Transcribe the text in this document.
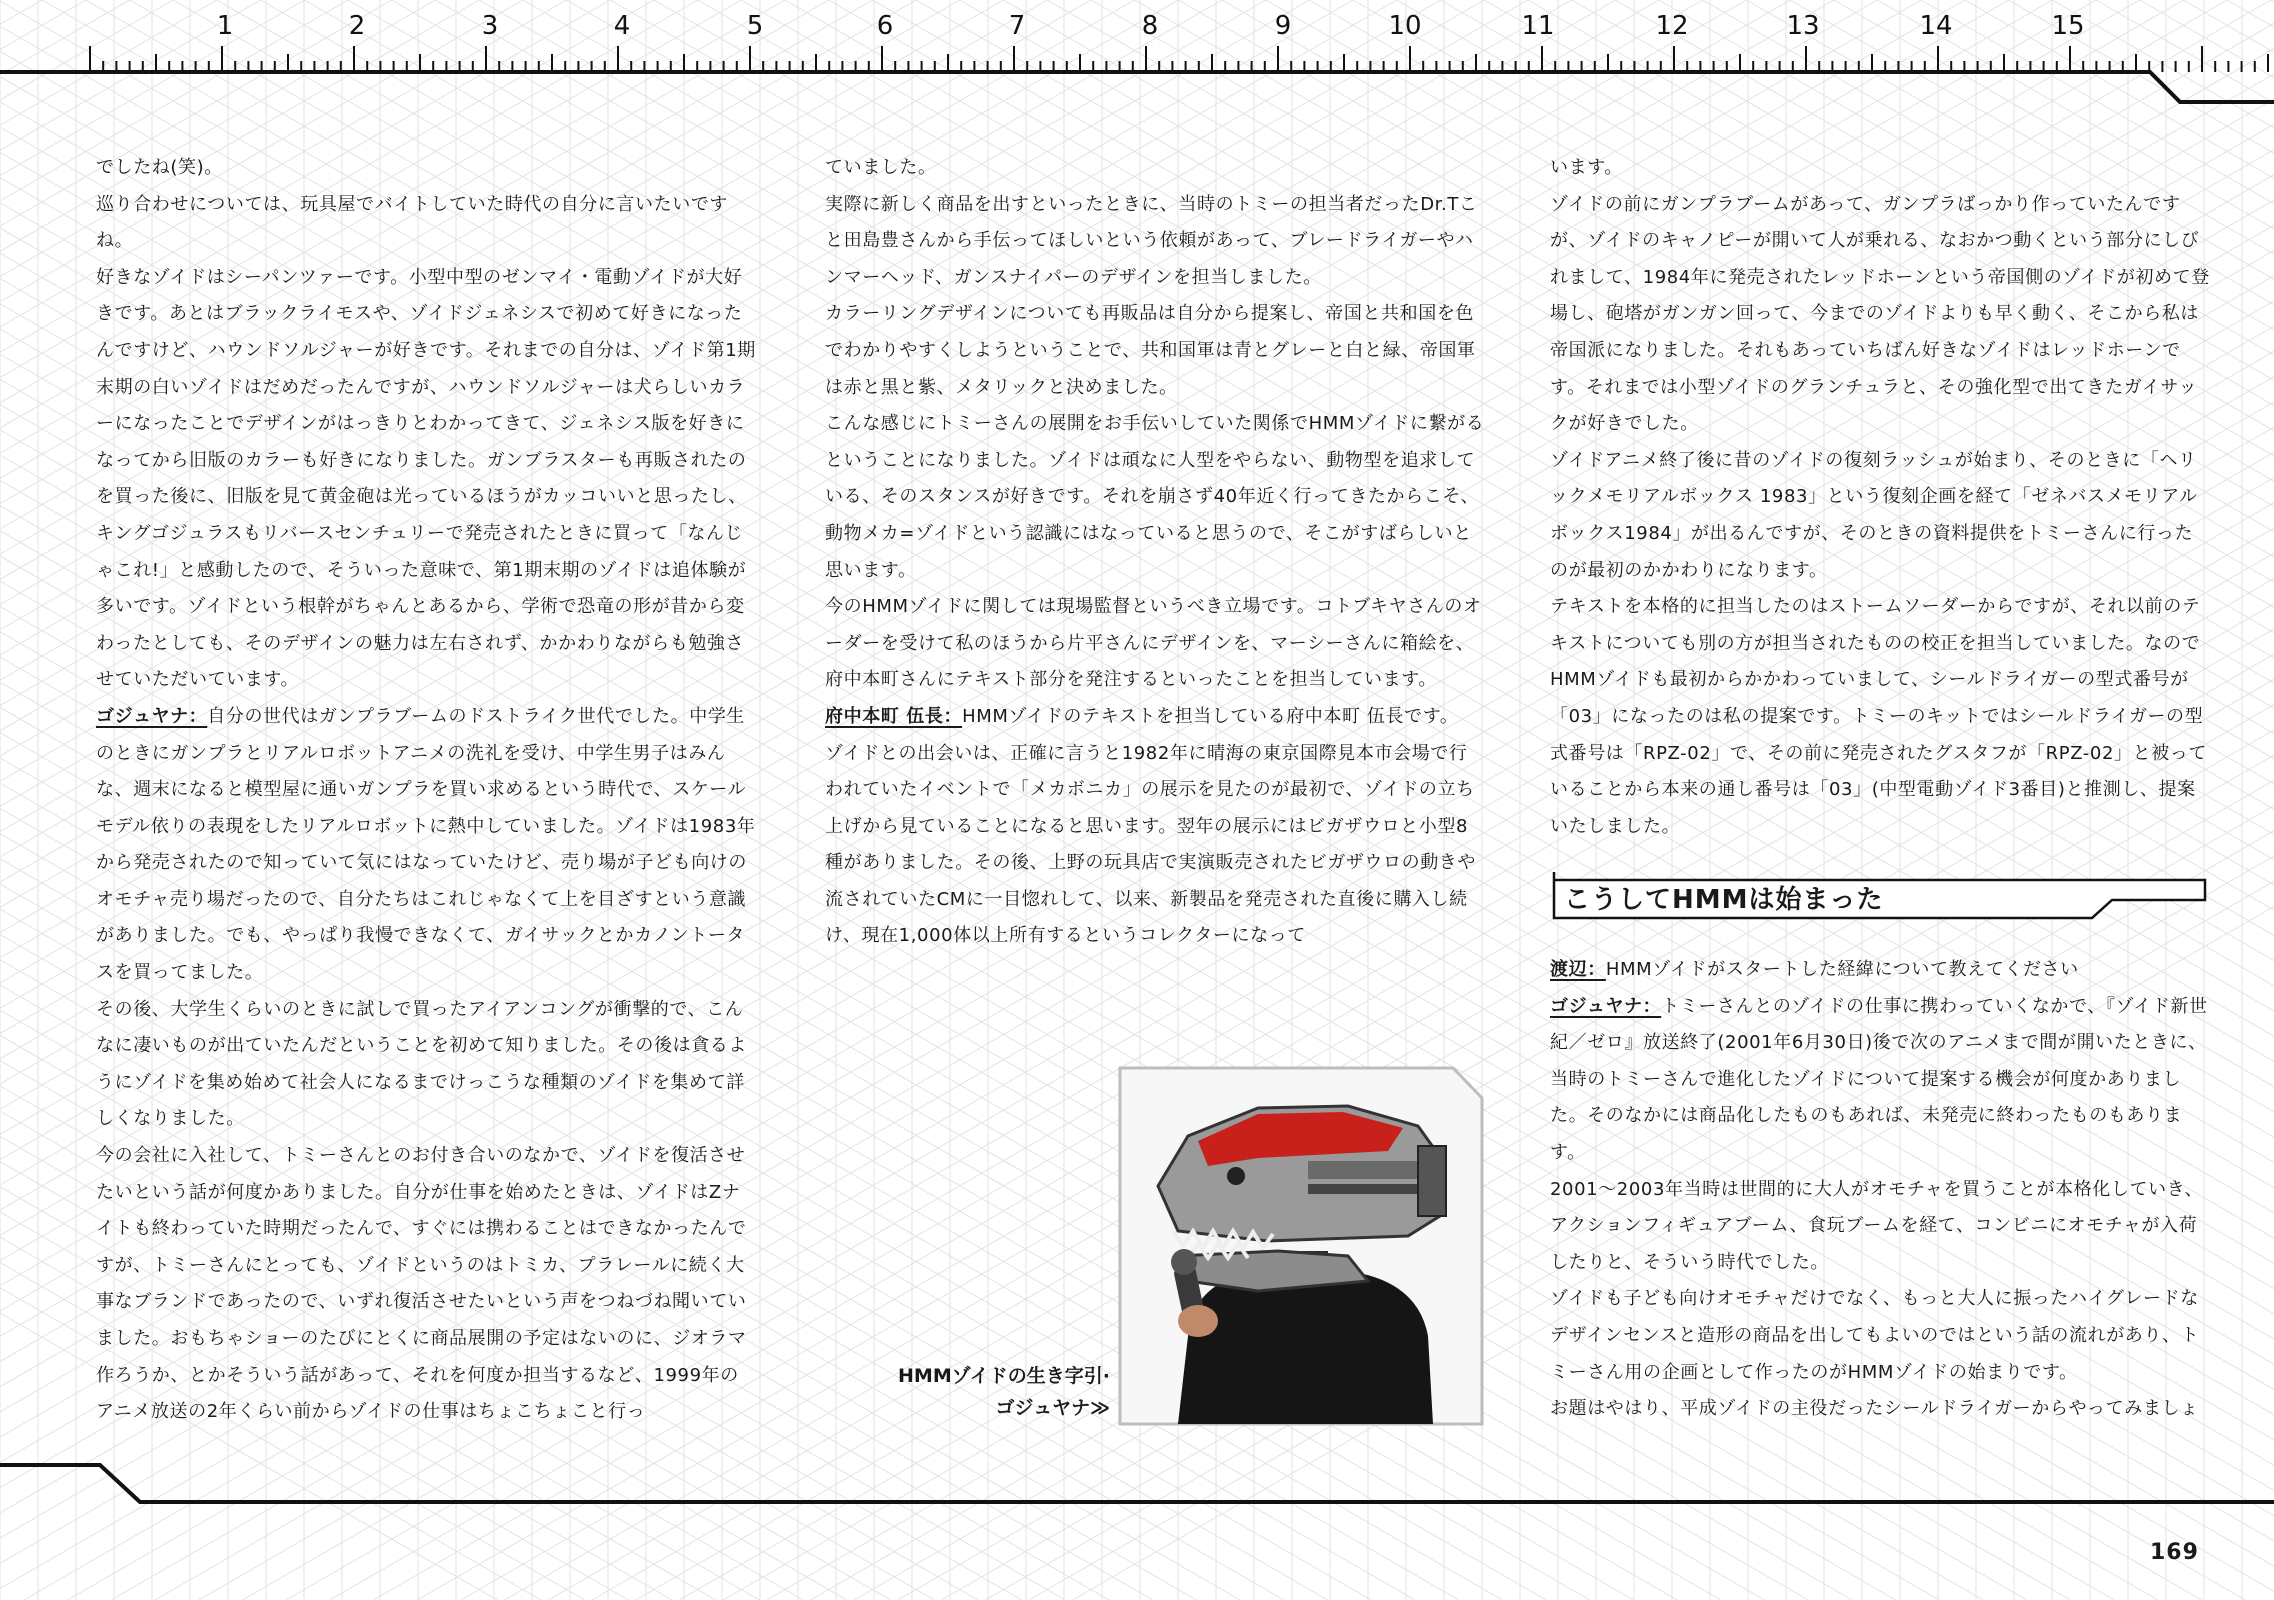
1	2	3	4	5	6	7	8	9	10	11	12	13	14	15

でしたね(笑)。

巡り合わせについては、玩具屋でバイトしていた時代の自分に言いたいですね。

好きなゾイドはシーパンツァーです。小型中型のゼンマイ・電動ゾイドが大好きです。あとはブラックライモスや、ゾイドジェネシスで初めて好きになったんですけど、ハウンドソルジャーが好きです。それまでの自分は、ゾイド第1期末期の白いゾイドはだめだったんですが、ハウンドソルジャーは犬らしいカラーになったことでデザインがはっきりとわかってきて、ジェネシス版を好きになってから旧版のカラーも好きになりました。ガンブラスターも再販されたのを買った後に、旧版を見て黄金砲は光っているほうがカッコいいと思ったし、キングゴジュラスもリバースセンチュリーで発売されたときに買って「なんじゃこれ!」と感動したので、そういった意味で、第1期末期のゾイドは追体験が多いです。ゾイドという根幹がちゃんとあるから、学術で恐竜の形が昔から変わったとしても、そのデザインの魅力は左右されず、かかわりながらも勉強させていただいています。

ゴジュヤナ：自分の世代はガンプラブームのドストライク世代でした。中学生のときにガンプラとリアルロボットアニメの洗礼を受け、中学生男子はみんな、週末になると模型屋に通いガンプラを買い求めるという時代で、スケールモデル依りの表現をしたリアルロボットに熱中していました。ゾイドは1983年から発売されたので知っていて気にはなっていたけど、売り場が子ども向けのオモチャ売り場だったので、自分たちはこれじゃなくて上を目ざすという意識がありました。でも、やっぱり我慢できなくて、ガイサックとかカノントータスを買ってました。

その後、大学生くらいのときに試しで買ったアイアンコングが衝撃的で、こんなに凄いものが出ていたんだということを初めて知りました。その後は貪るようにゾイドを集め始めて社会人になるまでけっこうな種類のゾイドを集めて詳しくなりました。

今の会社に入社して、トミーさんとのお付き合いのなかで、ゾイドを復活させたいという話が何度かありました。自分が仕事を始めたときは、ゾイドはZナイトも終わっていた時期だったんで、すぐには携わることはできなかったんですが、トミーさんにとっても、ゾイドというのはトミカ、プラレールに続く大事なブランドであったので、いずれ復活させたいという声をつねづね聞いていました。おもちゃショーのたびにとくに商品展開の予定はないのに、ジオラマ作ろうか、とかそういう話があって、それを何度か担当するなど、1999年のアニメ放送の2年くらい前からゾイドの仕事はちょこちょこと行っ

ていました。

実際に新しく商品を出すといったときに、当時のトミーの担当者だったDr.Tこと田島豊さんから手伝ってほしいという依頼があって、ブレードライガーやハンマーヘッド、ガンスナイパーのデザインを担当しました。

カラーリングデザインについても再販品は自分から提案し、帝国と共和国を色でわかりやすくしようということで、共和国軍は青とグレーと白と緑、帝国軍は赤と黒と紫、メタリックと決めました。

こんな感じにトミーさんの展開をお手伝いしていた関係でHMMゾイドに繋がるということになりました。ゾイドは頑なに人型をやらない、動物型を追求している、そのスタンスが好きです。それを崩さず40年近く行ってきたからこそ、動物メカ=ゾイドという認識にはなっていると思うので、そこがすばらしいと思います。

今のHMMゾイドに関しては現場監督というべき立場です。コトブキヤさんのオーダーを受けて私のほうから片平さんにデザインを、マーシーさんに箱絵を、府中本町さんにテキスト部分を発注するといったことを担当しています。

府中本町 伍長：HMMゾイドのテキストを担当している府中本町 伍長です。

ゾイドとの出会いは、正確に言うと1982年に晴海の東京国際見本市会場で行われていたイベントで「メカボニカ」の展示を見たのが最初で、ゾイドの立ち上げから見ていることになると思います。翌年の展示にはビガザウロと小型8種がありました。その後、上野の玩具店で実演販売されたビガザウロの動きや流されていたCMに一目惚れして、以来、新製品を発売された直後に購入し続け、現在1,000体以上所有するというコレクターになって

います。

ゾイドの前にガンプラブームがあって、ガンプラばっかり作っていたんですが、ゾイドのキャノピーが開いて人が乗れる、なおかつ動くという部分にしびれまして、1984年に発売されたレッドホーンという帝国側のゾイドが初めて登場し、砲塔がガンガン回って、今までのゾイドよりも早く動く、そこから私は帝国派になりました。それもあっていちばん好きなゾイドはレッドホーンです。それまでは小型ゾイドのグランチュラと、その強化型で出てきたガイサックが好きでした。

ゾイドアニメ終了後に昔のゾイドの復刻ラッシュが始まり、そのときに「ヘリックメモリアルボックス 1983」という復刻企画を経て「ゼネバスメモリアルボックス1984」が出るんですが、そのときの資料提供をトミーさんに行ったのが最初のかかわりになります。

テキストを本格的に担当したのはストームソーダーからですが、それ以前のテキストについても別の方が担当されたものの校正を担当していました。なのでHMMゾイドも最初からかかわっていまして、シールドライガーの型式番号が「03」になったのは私の提案です。トミーのキットではシールドライガーの型式番号は「RPZ-02」で、その前に発売されたグスタフが「RPZ-02」と被っていることから本来の通し番号は「03」(中型電動ゾイド3番目)と推測し、提案いたしました。

こうしてHMMは始まった

渡辺：HMMゾイドがスタートした経緯について教えてください

ゴジュヤナ：トミーさんとのゾイドの仕事に携わっていくなかで、『ゾイド新世紀／ゼロ』放送終了(2001年6月30日)後で次のアニメまで間が開いたときに、当時のトミーさんで進化したゾイドについて提案する機会が何度かありました。そのなかには商品化したものもあれば、未発売に終わったものもあります。

2001～2003年当時は世間的に大人がオモチャを買うことが本格化していき、アクションフィギュアブーム、食玩ブームを経て、コンビニにオモチャが入荷したりと、そういう時代でした。

ゾイドも子ども向けオモチャだけでなく、もっと大人に振ったハイグレードなデザインセンスと造形の商品を出してもよいのではという話の流れがあり、トミーさん用の企画として作ったのがHMMゾイドの始まりです。

お題はやはり、平成ゾイドの主役だったシールドライガーからやってみましょ

HMMゾイドの生き字引·
ゴジュヤナ≫
169
